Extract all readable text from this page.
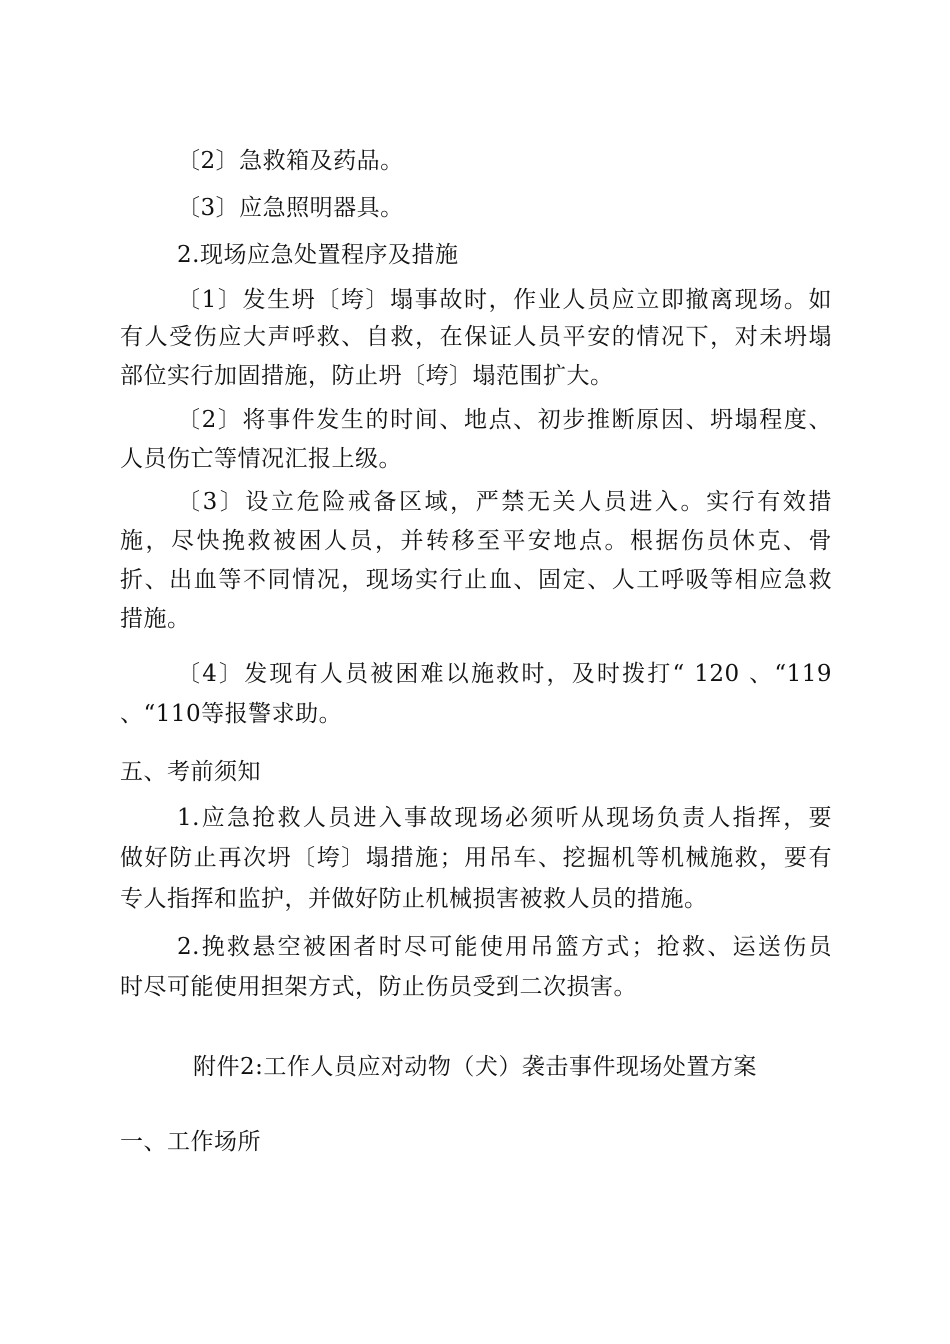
〔2〕急救箱及药品。
〔3〕应急照明器具。
2.现场应急处置程序及措施
〔1〕发生坍〔垮〕塌事故时，作业人员应立即撤离现场。如
有人受伤应大声呼救、自救，在保证人员平安的情况下，对未坍塌
部位实行加固措施，防止坍〔垮〕塌范围扩大。
〔2〕将事件发生的时间、地点、初步推断原因、坍塌程度、
人员伤亡等情况汇报上级。
〔3〕设立危险戒备区域，严禁无关人员进入。实行有效措
施，尽快挽救被困人员，并转移至平安地点。根据伤员休克、骨
折、出血等不同情况，现场实行止血、固定、人工呼吸等相应急救
措施。
〔4〕发现有人员被困难以施救时，及时拨打“ 120 、“119
、“110等报警求助。
五、考前须知
1.应急抢救人员进入事故现场必须听从现场负责人指挥，要
做好防止再次坍〔垮〕塌措施；用吊车、挖掘机等机械施救，要有
专人指挥和监护，并做好防止机械损害被救人员的措施。
2.挽救悬空被困者时尽可能使用吊篮方式；抢救、运送伤员
时尽可能使用担架方式，防止伤员受到二次损害。
附件2:工作人员应对动物（犬）袭击事件现场处置方案
一、工作场所
